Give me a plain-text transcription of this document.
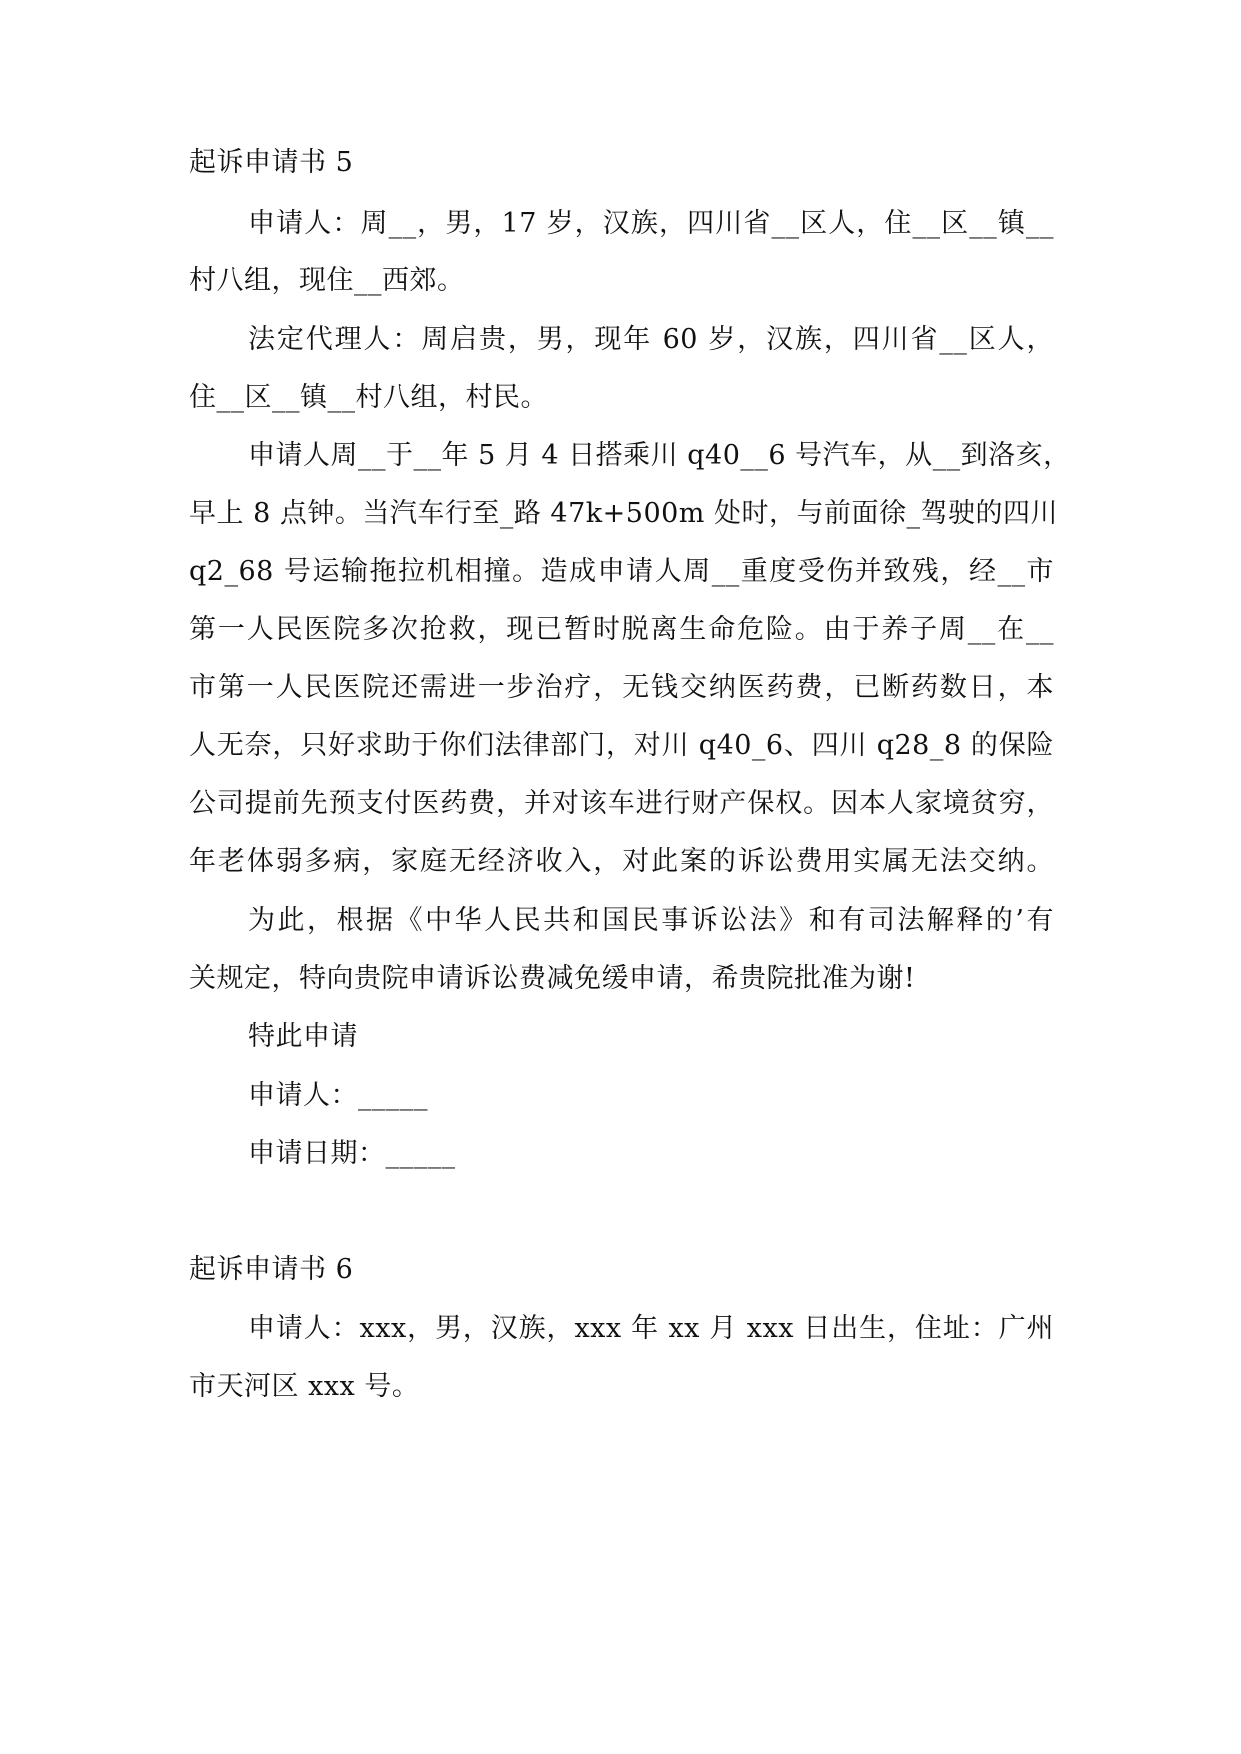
起诉申请书 5
申请人：周__，男，17 岁，汉族，四川省__区人，住__区__镇__
村八组，现住__西郊。
法定代理人：周启贵，男，现年 60 岁，汉族，四川省__区人，
住__区__镇__村八组，村民。
申请人周__于__年 5 月 4 日搭乘川 q40__6 号汽车，从__到洛亥，
早上 8 点钟。当汽车行至_路 47k+500m 处时，与前面徐_驾驶的四川
q2_68 号运输拖拉机相撞。造成申请人周__重度受伤并致残，经__市
第一人民医院多次抢救，现已暂时脱离生命危险。由于养子周__在__
市第一人民医院还需进一步治疗，无钱交纳医药费，已断药数日，本
人无奈，只好求助于你们法律部门，对川 q40_6、四川 q28_8 的保险
公司提前先预支付医药费，并对该车进行财产保权。因本人家境贫穷，
年老体弱多病，家庭无经济收入，对此案的诉讼费用实属无法交纳。
为此，根据《中华人民共和国民事诉讼法》和有司法解释的’有
关规定，特向贵院申请诉讼费减免缓申请，希贵院批准为谢!
特此申请
申请人：_____
申请日期：_____
起诉申请书 6
申请人：xxx，男，汉族，xxx 年 xx 月 xxx 日出生，住址：广州
市天河区 xxx 号。
